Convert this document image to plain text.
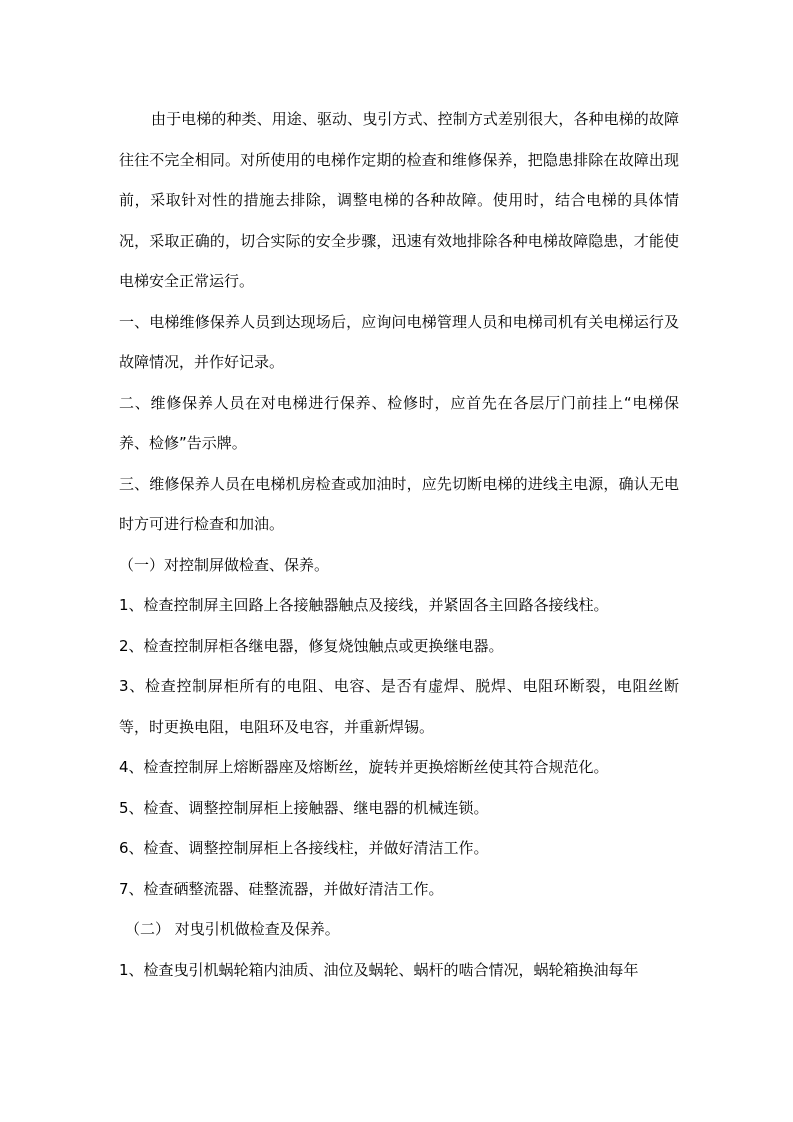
由于电梯的种类、用途、驱动、曳引方式、控制方式差别很大，各种电梯的故障往往不完全相同。对所使用的电梯作定期的检查和维修保养，把隐患排除在故障出现前，采取针对性的措施去排除，调整电梯的各种故障。使用时，结合电梯的具体情况，采取正确的，切合实际的安全步骤，迅速有效地排除各种电梯故障隐患，才能使电梯安全正常运行。

一、电梯维修保养人员到达现场后，应询问电梯管理人员和电梯司机有关电梯运行及故障情况，并作好记录。

二、维修保养人员在对电梯进行保养、检修时，应首先在各层厅门前挂上“电梯保养、检修”告示牌。

三、维修保养人员在电梯机房检查或加油时，应先切断电梯的进线主电源，确认无电时方可进行检查和加油。

（一）对控制屏做检查、保养。

1、检查控制屏主回路上各接触器触点及接线，并紧固各主回路各接线柱。

2、检查控制屏柜各继电器，修复烧蚀触点或更换继电器。

3、检查控制屏柜所有的电阻、电容、是否有虚焊、脱焊、电阻环断裂，电阻丝断等，时更换电阻，电阻环及电容，并重新焊锡。

4、检查控制屏上熔断器座及熔断丝，旋转并更换熔断丝使其符合规范化。

5、检查、调整控制屏柜上接触器、继电器的机械连锁。

6、检查、调整控制屏柜上各接线柱，并做好清洁工作。

7、检查硒整流器、硅整流器，并做好清洁工作。

（二） 对曳引机做检查及保养。

1、检查曳引机蜗轮箱内油质、油位及蜗轮、蜗杆的啮合情况，蜗轮箱换油每年
